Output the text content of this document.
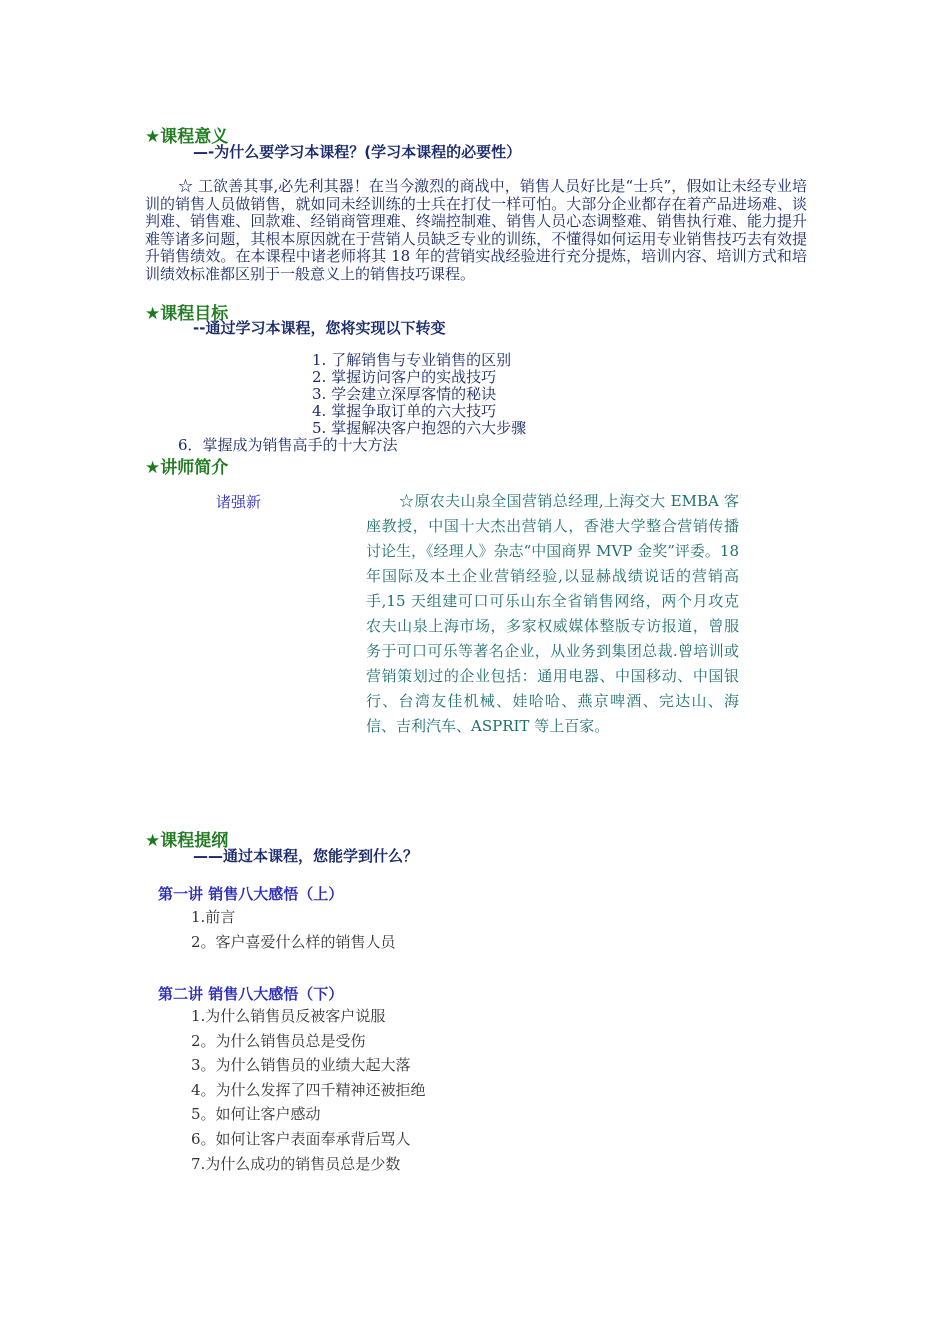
★课程意义
—-为什么要学习本课程？(学习本课程的必要性）
☆ 工欲善其事,必先利其器！在当今激烈的商战中，销售人员好比是“士兵”，假如让未经专业培训的销售人员做销售，就如同未经训练的士兵在打仗一样可怕。大部分企业都存在着产品进场难、谈判难、销售难、回款难、经销商管理难、终端控制难、销售人员心态调整难、销售执行难、能力提升难等诸多问题，其根本原因就在于营销人员缺乏专业的训练，不懂得如何运用专业销售技巧去有效提升销售绩效。在本课程中诸老师将其 18 年的营销实战经验进行充分提炼，培训内容、培训方式和培训绩效标准都区别于一般意义上的销售技巧课程。
★课程目标
--通过学习本课程，您将实现以下转变
1. 了解销售与专业销售的区别
2. 掌握访问客户的实战技巧
3. 学会建立深厚客情的秘诀
4. 掌握争取订单的六大技巧
5. 掌握解决客户抱怨的六大步骤
6．掌握成为销售高手的十大方法
★讲师简介
诸强新	☆原农夫山泉全国营销总经理,上海交大 EMBA 客座教授，中国十大杰出营销人，香港大学整合营销传播讨论生，《经理人》杂志“中国商界 MVP 金奖”评委。18 年国际及本土企业营销经验,以显赫战绩说话的营销高手,15 天组建可口可乐山东全省销售网络，两个月攻克农夫山泉上海市场，多家权威媒体整版专访报道，曾服务于可口可乐等著名企业，从业务到集团总裁.曾培训或营销策划过的企业包括：通用电器、中国移动、中国银行、台湾友佳机械、娃哈哈、燕京啤酒、完达山、海信、吉利汽车、ASPRIT 等上百家。
★课程提纲
——通过本课程，您能学到什么？
第一讲 销售八大感悟（上）
1.前言
2。客户喜爱什么样的销售人员
第二讲 销售八大感悟（下）
1.为什么销售员反被客户说服
2。为什么销售员总是受伤
3。为什么销售员的业绩大起大落
4。为什么发挥了四千精神还被拒绝
5。如何让客户感动
6。如何让客户表面奉承背后骂人
7.为什么成功的销售员总是少数
